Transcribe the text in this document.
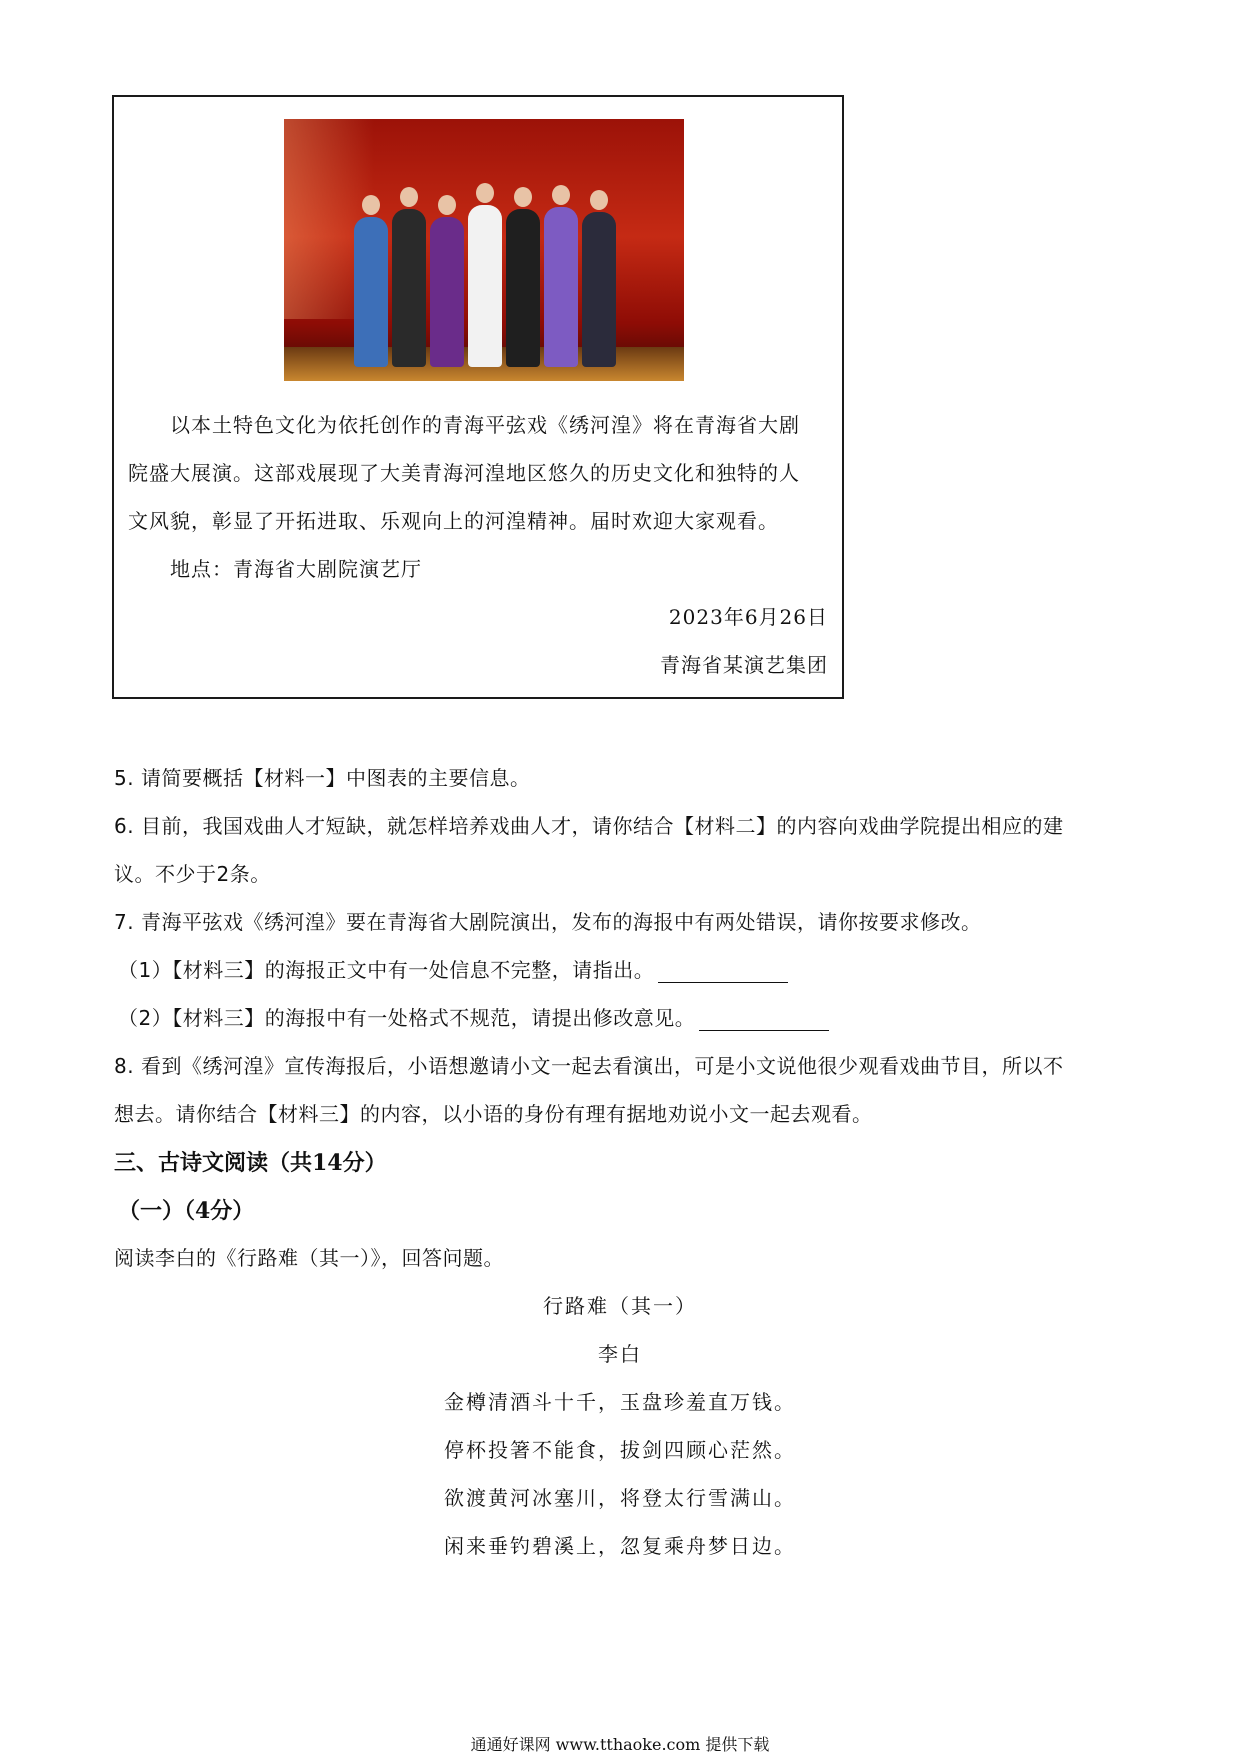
以本土特色文化为依托创作的青海平弦戏《绣河湟》将在青海省大剧

院盛大展演。这部戏展现了大美青海河湟地区悠久的历史文化和独特的人

文风貌，彰显了开拓进取、乐观向上的河湟精神。届时欢迎大家观看。

地点：青海省大剧院演艺厅

2023年6月26日

青海省某演艺集团

5. 请简要概括【材料一】中图表的主要信息。

6. 目前，我国戏曲人才短缺，就怎样培养戏曲人才，请你结合【材料二】的内容向戏曲学院提出相应的建

议。不少于2条。

7. 青海平弦戏《绣河湟》要在青海省大剧院演出，发布的海报中有两处错误，请你按要求修改。

（1）【材料三】的海报正文中有一处信息不完整，请指出。

（2）【材料三】的海报中有一处格式不规范，请提出修改意见。

8. 看到《绣河湟》宣传海报后，小语想邀请小文一起去看演出，可是小文说他很少观看戏曲节目，所以不

想去。请你结合【材料三】的内容，以小语的身份有理有据地劝说小文一起去观看。

三、古诗文阅读（共14分）

（一）（4分）

阅读李白的《行路难（其一）》，回答问题。

行路难（其一）

李白

金樽清酒斗十千，玉盘珍羞直万钱。

停杯投箸不能食，拔剑四顾心茫然。

欲渡黄河冰塞川，将登太行雪满山。

闲来垂钓碧溪上，忽复乘舟梦日边。

通通好课网 www.tthaoke.com 提供下载
